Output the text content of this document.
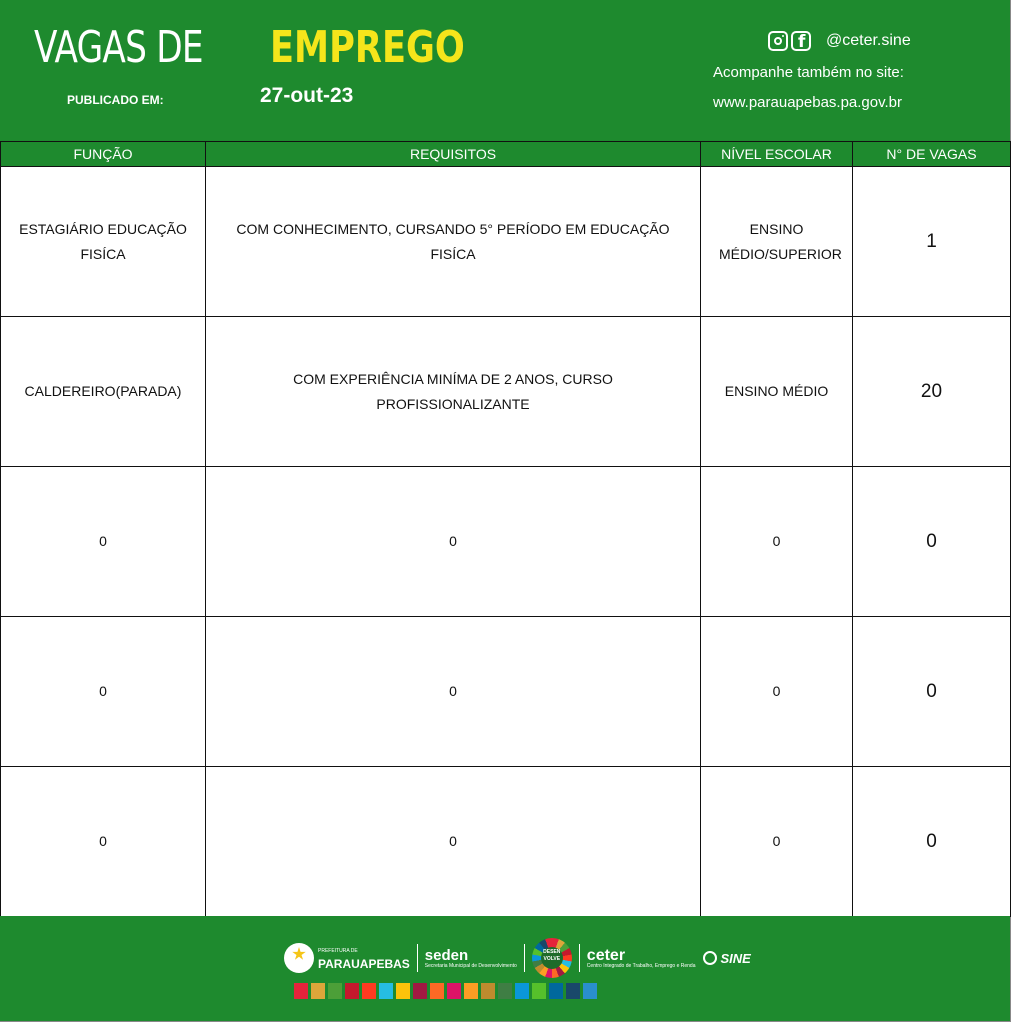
VAGAS DE EMPREGO
PUBLICADO EM:	27-out-23
f @ceter.sine
Acompanhe também no site:
www.parauapebas.pa.gov.br
FUNÇÃO	REQUISITOS	NÍVEL ESCOLAR	N° DE VAGAS
ESTAGIÁRIO EDUCAÇÃO FISÍCA	COM CONHECIMENTO, CURSANDO 5° PERÍODO EM EDUCAÇÃO FISÍCA	ENSINO MÉDIO/SUPERIOR	1
CALDEREIRO(PARADA)	COM EXPERIÊNCIA MINÍMA DE 2 ANOS, CURSO PROFISSIONALIZANTE	ENSINO MÉDIO	20
0	0	0	0
0	0	0	0
0	0	0	0
PREFEITURA DE
PARAUAPEBAS
seden
Secretaria Municipal de Desenvolvimento
DESEN VOLVE ceter
Centro Integrado de Trabalho, Emprego e Renda SINE
